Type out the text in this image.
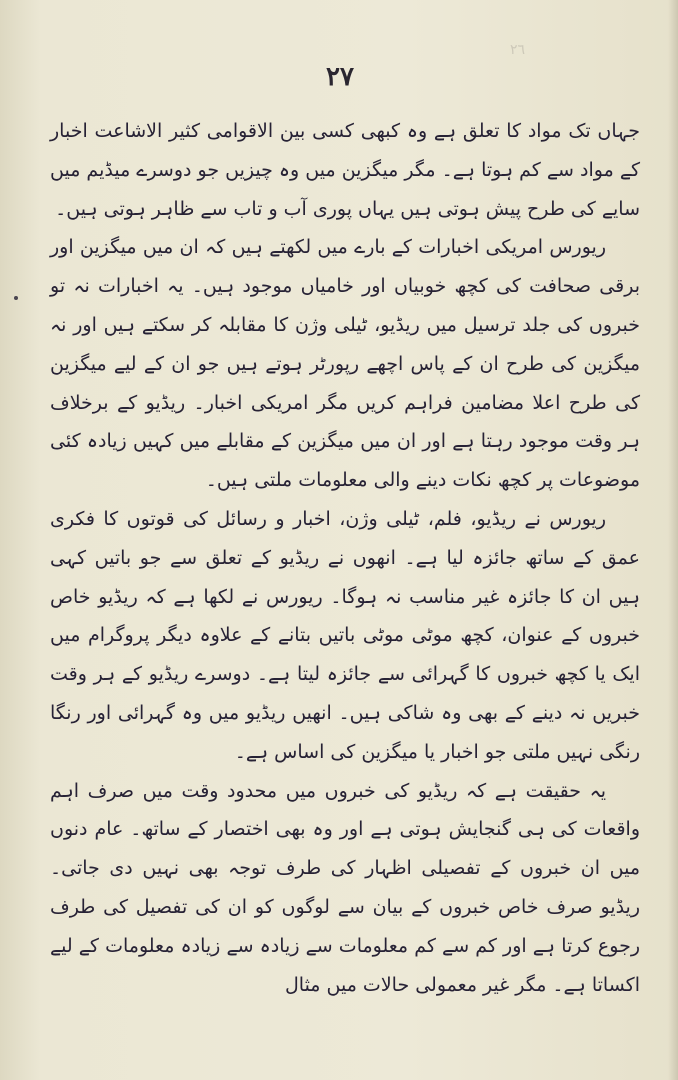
٢٦
۲۷

جہاں تک مواد کا تعلق ہے وہ کبھی کسی بین الاقوامی کثیر الاشاعت اخبار کے مواد سے کم ہوتا ہے۔ مگر میگزین میں وہ چیزیں جو دوسرے میڈیم میں سایے کی طرح پیش ہوتی ہیں یہاں پوری آب و تاب سے ظاہر ہوتی ہیں۔

ریورس امریکی اخبارات کے بارے میں لکھتے ہیں کہ ان میں میگزین اور برقی صحافت کی کچھ خوبیاں اور خامیاں موجود ہیں۔ یہ اخبارات نہ تو خبروں کی جلد ترسیل میں ریڈیو، ٹیلی وژن کا مقابلہ کر سکتے ہیں اور نہ میگزین کی طرح ان کے پاس اچھے رپورٹر ہوتے ہیں جو ان کے لیے میگزین کی طرح اعلا مضامین فراہم کریں مگر امریکی اخبار۔ ریڈیو کے برخلاف ہر وقت موجود رہتا ہے اور ان میں میگزین کے مقابلے میں کہیں زیادہ کئی موضوعات پر کچھ نکات دینے والی معلومات ملتی ہیں۔

ریورس نے ریڈیو، فلم، ٹیلی وژن، اخبار و رسائل کی قوتوں کا فکری عمق کے ساتھ جائزہ لیا ہے۔ انھوں نے ریڈیو کے تعلق سے جو باتیں کہی ہیں ان کا جائزہ غیر مناسب نہ ہوگا۔ ریورس نے لکھا ہے کہ ریڈیو خاص خبروں کے عنوان، کچھ موٹی موٹی باتیں بتانے کے علاوہ دیگر پروگرام میں ایک یا کچھ خبروں کا گہرائی سے جائزہ لیتا ہے۔ دوسرے ریڈیو کے ہر وقت خبریں نہ دینے کے بھی وہ شاکی ہیں۔ انھیں ریڈیو میں وہ گہرائی اور رنگا رنگی نہیں ملتی جو اخبار یا میگزین کی اساس ہے۔

یہ حقیقت ہے کہ ریڈیو کی خبروں میں محدود وقت میں صرف اہم واقعات کی ہی گنجایش ہوتی ہے اور وہ بھی اختصار کے ساتھ۔ عام دنوں میں ان خبروں کے تفصیلی اظہار کی طرف توجہ بھی نہیں دی جاتی۔ ریڈیو صرف خاص خبروں کے بیان سے لوگوں کو ان کی تفصیل کی طرف رجوع کرتا ہے اور کم سے کم معلومات سے زیادہ سے زیادہ معلومات کے لیے اکساتا ہے۔ مگر غیر معمولی حالات میں مثال
